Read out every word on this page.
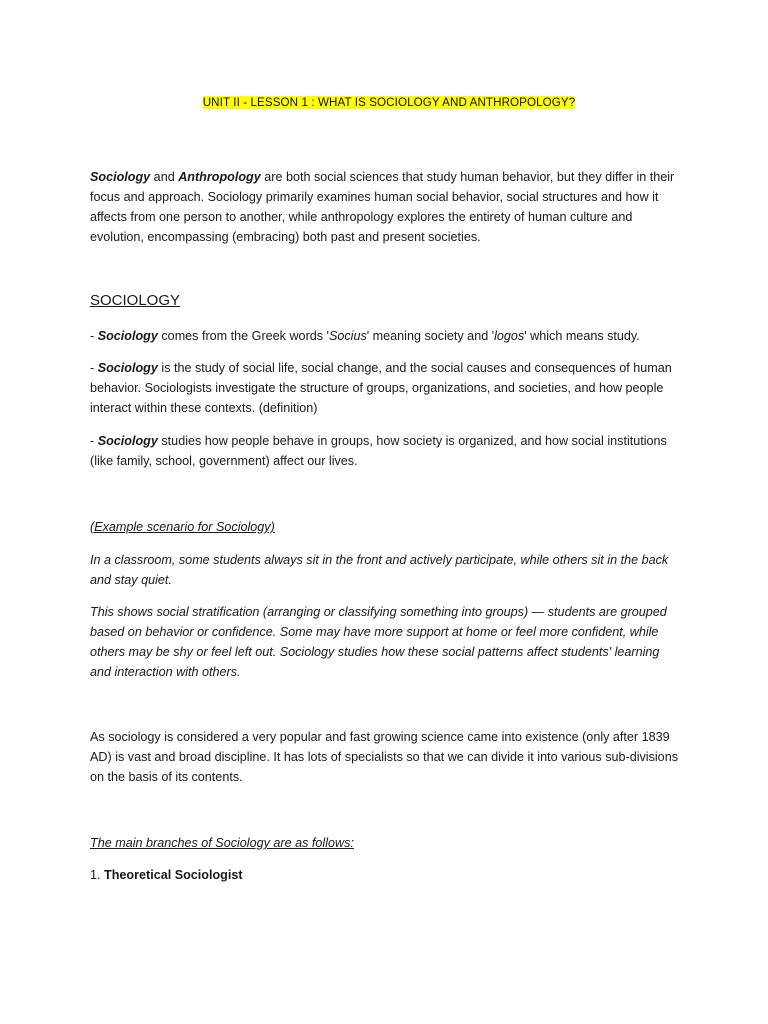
UNIT II - LESSON 1 : WHAT IS SOCIOLOGY AND ANTHROPOLOGY?

Sociology and Anthropology are both social sciences that study human behavior, but they differ in their focus and approach. Sociology primarily examines human social behavior, social structures and how it affects from one person to another, while anthropology explores the entirety of human culture and evolution, encompassing (embracing) both past and present societies.

SOCIOLOGY

- Sociology comes from the Greek words 'Socius' meaning society and 'logos' which means study.

- Sociology is the study of social life, social change, and the social causes and consequences of human behavior. Sociologists investigate the structure of groups, organizations, and societies, and how people interact within these contexts. (definition)

- Sociology studies how people behave in groups, how society is organized, and how social institutions (like family, school, government) affect our lives.

(Example scenario for Sociology)

In a classroom, some students always sit in the front and actively participate, while others sit in the back and stay quiet.

This shows social stratification (arranging or classifying something into groups) — students are grouped based on behavior or confidence. Some may have more support at home or feel more confident, while others may be shy or feel left out. Sociology studies how these social patterns affect students' learning and interaction with others.

As sociology is considered a very popular and fast growing science came into existence (only after 1839 AD) is vast and broad discipline. It has lots of specialists so that we can divide it into various sub-divisions on the basis of its contents.

The main branches of Sociology are as follows:

1. Theoretical Sociologist
